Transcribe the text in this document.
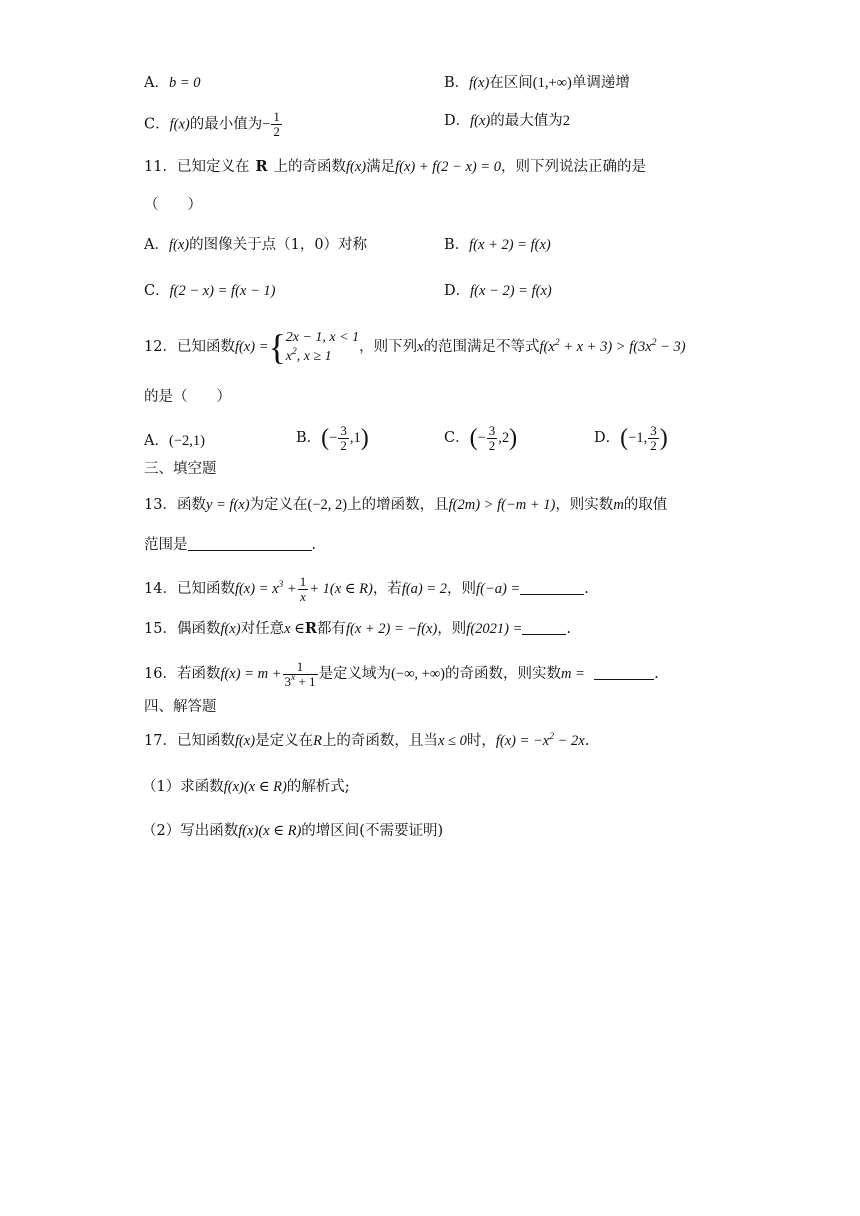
A．b = 0	B．f(x)在区间(1,+∞)单调递增
C．f(x)的最小值为− $\frac{1}{2}$	D．f(x)的最大值为2
11．已知定义在 R 上的奇函数f(x)满足f(x) + f(2 − x) = 0，则下列说法正确的是
（　　）
A．f(x)的图像关于点（1，0）对称	B．f(x + 2) = f(x)
C．f(2 − x) = f(x − 1)	D．f(x − 2) = f(x)
12．已知函数f(x) ={ 2x − 1, x < 1
$x^2$, x ≥ 1
，则下列x的范围满足不等式$f(x^2 + x + 3) > f(3x^2 - 3)$
的是（　　）
A．(−2,1)	B．(− $\frac{3}{2} ,1$)	C．(− $\frac{3}{2} ,2$)	D．(−1, $\frac{3}{2}$ )
三、填空题
13．函数y = f(x)为定义在(−2, 2)上的增函数，且f(2m) > f(−m + 1)，则实数m的取值
范围是	.
14．已知函数$f(x) = x^3 + \frac{1}{x} + 1(x$ ∈ R)，若f(a) = 2，则f(−a) =	.
15．偶函数f(x)对任意x ∈R都有f(x + 2) = −f(x)，则f(2021) =	.
16．若函数$f(x) = m + \frac{1}{3^x + 1}$ 是定义域为(−∞, +∞)的奇函数，则实数m =	.
四、解答题
17．已知函数f(x)是定义在R上的奇函数，且当x ≤ 0时，$f(x) = -x^2 - 2x$.
（1）求函数f(x)(x ∈ R)的解析式;
（2）写出函数f(x)(x ∈ R)的增区间(不需要证明)
